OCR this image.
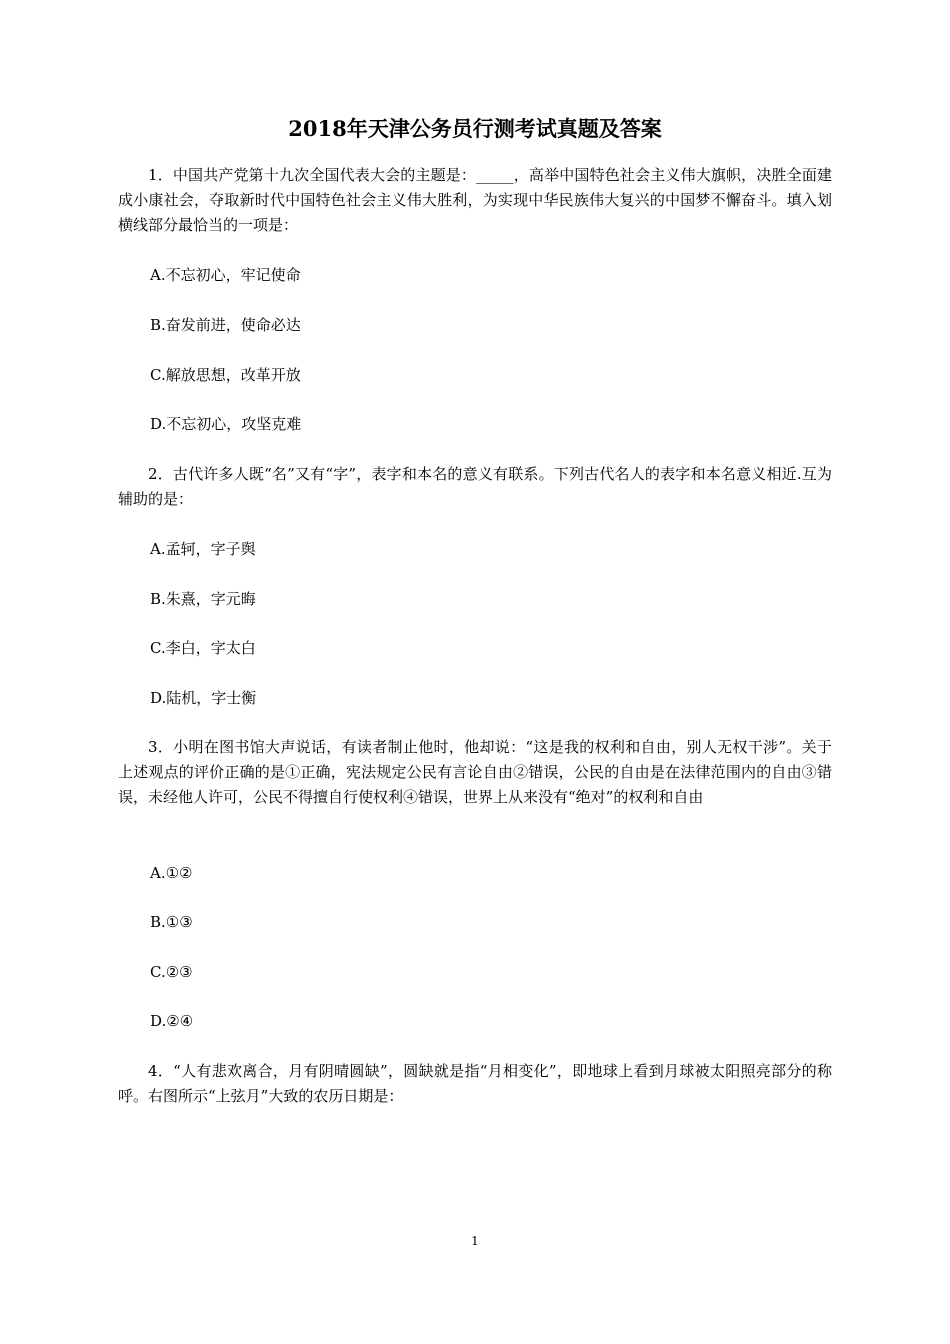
2018年天津公务员行测考试真题及答案

1．中国共产党第十九次全国代表大会的主题是：_____，高举中国特色社会主义伟大旗帜，决胜全面建成小康社会，夺取新时代中国特色社会主义伟大胜利，为实现中华民族伟大复兴的中国梦不懈奋斗。填入划横线部分最恰当的一项是：

A.不忘初心，牢记使命

B.奋发前进，使命必达

C.解放思想，改革开放

D.不忘初心，攻坚克难

2．古代许多人既“名”又有“字”，表字和本名的意义有联系。下列古代名人的表字和本名意义相近.互为辅助的是：

A.孟轲，字子舆

B.朱熹，字元晦

C.李白，字太白

D.陆机，字士衡

3．小明在图书馆大声说话，有读者制止他时，他却说：“这是我的权利和自由，别人无权干涉”。关于上述观点的评价正确的是①正确，宪法规定公民有言论自由②错误，公民的自由是在法律范围内的自由③错误，未经他人许可，公民不得擅自行使权利④错误，世界上从来没有“绝对”的权利和自由

A.①②

B.①③

C.②③

D.②④

4．“人有悲欢离合，月有阴晴圆缺”，圆缺就是指“月相变化”，即地球上看到月球被太阳照亮部分的称呼。右图所示“上弦月”大致的农历日期是：

1
